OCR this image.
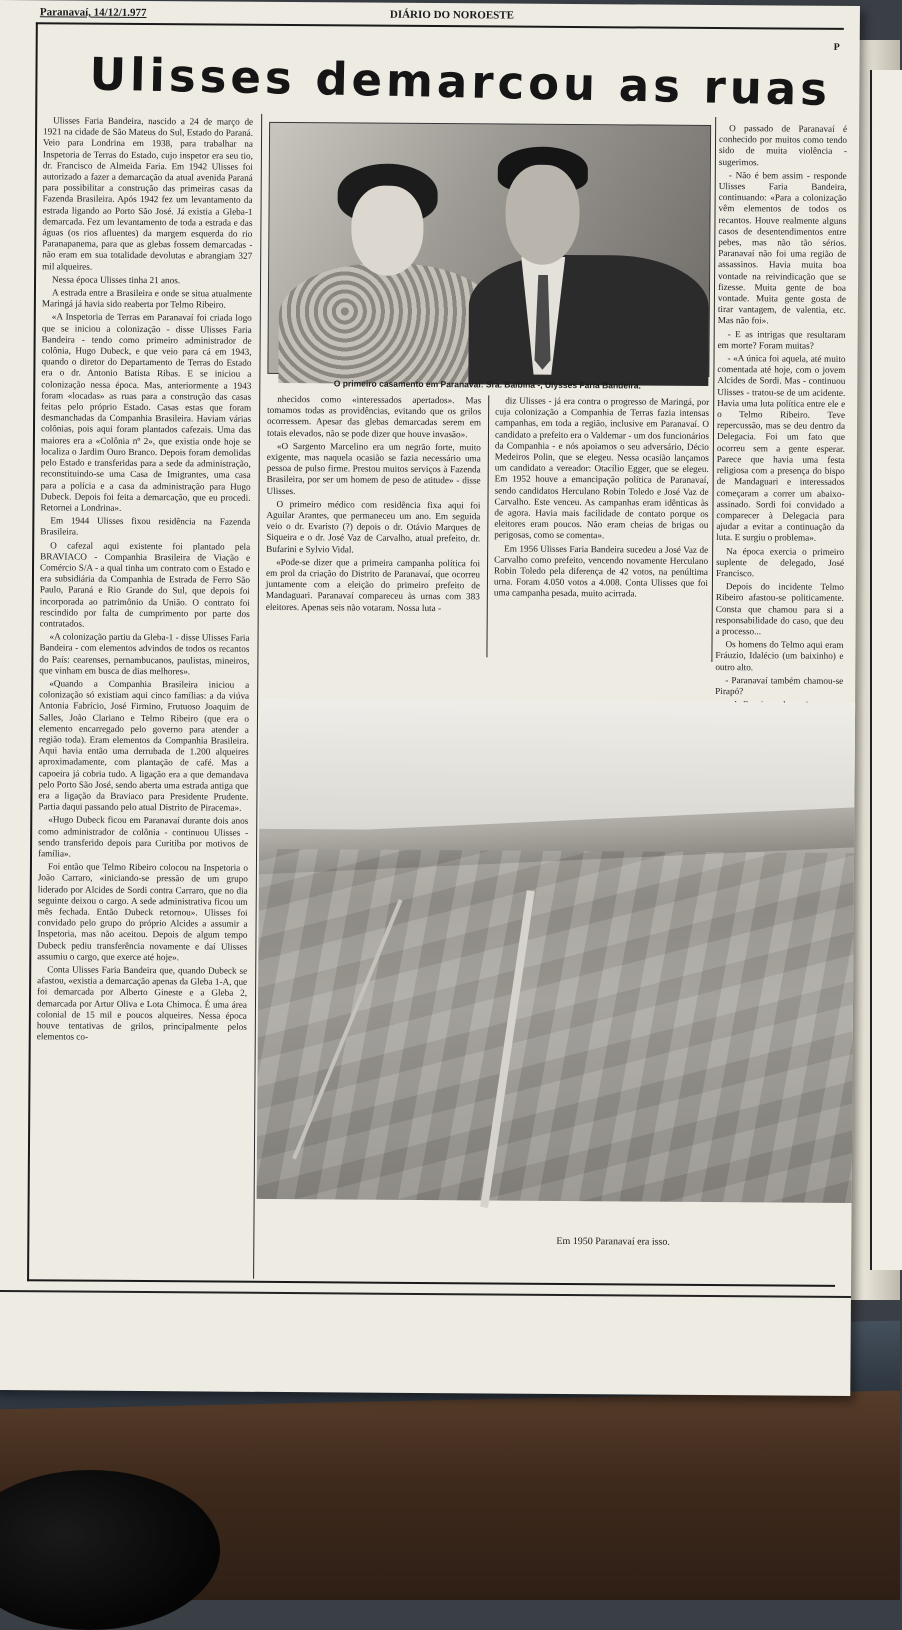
Paranavaí, 14/12/1.977	DIÁRIO DO NOROESTE
P
Ulisses demarcou as ruas

Ulisses Faria Bandeira, nascido a 24 de março de 1921 na cidade de São Mateus do Sul, Estado do Paraná. Veio para Londrina em 1938, para trabalhar na Inspetoria de Terras do Estado, cujo inspetor era seu tio, dr. Francisco de Almeida Faria. Em 1942 Ulisses foi autorizado a fazer a demarcação da atual avenida Paraná para possibilitar a construção das primeiras casas da Fazenda Brasileira. Após 1942 fez um levantamento da estrada ligando ao Porto São José. Já existia a Gleba-1 demarcada. Fez um levantamento de toda a estrada e das águas (os rios afluentes) da margem esquerda do rio Paranapanema, para que as glebas fossem demarcadas - não eram em sua totalidade devolutas e abrangiam 327 mil alqueires.

Nessa época Ulisses tinha 21 anos.

A estrada entre a Brasileira e onde se situa atualmente Maringá já havia sido reaberta por Telmo Ribeiro.

«A Inspetoria de Terras em Paranavaí foi criada logo que se iniciou a colonização - disse Ulisses Faria Bandeira - tendo como primeiro administrador de colônia, Hugo Dubeck, e que veio para cá em 1943, quando o diretor do Departamento de Terras do Estado era o dr. Antonio Batista Ribas. E se iniciou a colonização nessa época. Mas, anteriormente a 1943 foram «locadas» as ruas para a construção das casas feitas pelo próprio Estado. Casas estas que foram desmanchadas da Companhia Brasileira. Haviam várias colônias, pois aqui foram plantados cafezais. Uma das maiores era a «Colônia nº 2», que existia onde hoje se localiza o Jardim Ouro Branco. Depois foram demolidas pelo Estado e transferidas para a sede da administração, reconstituindo-se uma Casa de Imigrantes, uma casa para a polícia e a casa da administração para Hugo Dubeck. Depois foi feita a demarcação, que eu procedi. Retornei a Londrina».

Em 1944 Ulisses fixou residência na Fazenda Brasileira.

O cafezal aqui existente foi plantado pela BRAVIACO - Companhia Brasileira de Viação e Comércio S/A - a qual tinha um contrato com o Estado e era subsidiária da Companhia de Estrada de Ferro São Paulo, Paraná e Rio Grande do Sul, que depois foi incorporada ao patrimônio da União. O contrato foi rescindido por falta de cumprimento por parte dos contratados.

«A colonização partiu da Gleba-1 - disse Ulisses Faria Bandeira - com elementos advindos de todos os recantos do País: cearenses, pernambucanos, paulistas, mineiros, que vinham em busca de dias melhores».

«Quando a Companhia Brasileira iniciou a colonização só existiam aqui cinco famílias: a da viúva Antonia Fabrício, José Firmino, Frutuoso Joaquim de Salles, João Clariano e Telmo Ribeiro (que era o elemento encarregado pelo governo para atender a região toda). Eram elementos da Companhia Brasileira. Aqui havia então uma derrubada de 1.200 alqueires aproximadamente, com plantação de café. Mas a capoeira já cobria tudo. A ligação era a que demandava pelo Porto São José, sendo aberta uma estrada antiga que era a ligação da Braviaco para Presidente Prudente. Partia daqui passando pelo atual Distrito de Piracema».

«Hugo Dubeck ficou em Paranavaí durante dois anos como administrador de colônia - continuou Ulisses - sendo transferido depois para Curitiba por motivos de família».

Foi então que Telmo Ribeiro colocou na Inspetoria o João Carraro, «iniciando-se pressão de um grupo liderado por Alcides de Sordi contra Carraro, que no dia seguinte deixou o cargo. A sede administrativa ficou um mês fechada. Então Dubeck retornou». Ulisses foi convidado pelo grupo do próprio Alcides a assumir a Inspetoria, mas não aceitou. Depois de algum tempo Dubeck pediu transferência novamente e daí Ulisses assumiu o cargo, que exerce até hoje».

Conta Ulisses Faria Bandeira que, quando Dubeck se afastou, «existia a demarcação apenas da Gleba 1-A, que foi demarcada por Alberto Gineste e a Gleba 2, demarcada por Artur Oliva e Lota Chimoca. É uma área colonial de 15 mil e poucos alqueires. Nessa época houve tentativas de grilos, principalmente pelos elementos co-

O primeiro casamento em Paranavaí: Sra. Balbina -, Ulysses Faria Bandeira.

nhecidos como «interessados apertados». Mas tomamos todas as providências, evitando que os grilos ocorressem. Apesar das glebas demarcadas serem em totais elevados, não se pode dizer que houve invasão».

«O Sargento Marcelino era um negrão forte, muito exigente, mas naquela ocasião se fazia necessário uma pessoa de pulso firme. Prestou muitos serviços à Fazenda Brasileira, por ser um homem de peso de atitude» - disse Ulisses.

O primeiro médico com residência fixa aqui foi Aguilar Arantes, que permaneceu um ano. Em seguida veio o dr. Evaristo (?) depois o dr. Otávio Marques de Siqueira e o dr. José Vaz de Carvalho, atual prefeito, dr. Bufarini e Sylvio Vidal.

«Pode-se dizer que a primeira campanha política foi em prol da criação do Distrito de Paranavaí, que ocorreu juntamente com a eleição do primeiro prefeito de Mandaguari. Paranavaí compareceu às urnas com 383 eleitores. Apenas seis não votaram. Nossa luta -

diz Ulisses - já era contra o progresso de Maringá, por cuja colonização a Companhia de Terras fazia intensas campanhas, em toda a região, inclusive em Paranavaí. O candidato a prefeito era o Valdemar - um dos funcionários da Companhia - e nós apoiamos o seu adversário, Décio Medeiros Polin, que se elegeu. Nessa ocasião lançamos um candidato a vereador: Otacílio Egger, que se elegeu. Em 1952 houve a emancipação política de Paranavaí, sendo candidatos Herculano Robin Toledo e José Vaz de Carvalho. Este venceu. As campanhas eram idênticas às de agora. Havia mais facilidade de contato porque os eleitores eram poucos. Não eram cheias de brigas ou perigosas, como se comenta».

Em 1956 Ulisses Faria Bandeira sucedeu a José Vaz de Carvalho como prefeito, vencendo novamente Herculano Robin Toledo pela diferença de 42 votos, na penúltima urna. Foram 4.050 votos a 4.008. Conta Ulisses que foi uma campanha pesada, muito acirrada.

O passado de Paranavaí é conhecido por muitos como tendo sido de muita violência - sugerimos.

- Não é bem assim - responde Ulisses Faria Bandeira, continuando: «Para a colonização vêm elementos de todos os recantos. Houve realmente alguns casos de desentendimentos entre pebes, mas não tão sérios. Paranavaí não foi uma região de assassinos. Havia muita boa vontade na reivindicação que se fizesse. Muita gente de boa vontade. Muita gente gosta de tirar vantagem, de valentia, etc. Mas não foi».

- E as intrigas que resultaram em morte? Foram muitas?

- «A única foi aquela, até muito comentada até hoje, com o jovem Alcides de Sordi. Mas - continuou Ulisses - tratou-se de um acidente. Havia uma luta política entre ele e o Telmo Ribeiro. Teve repercussão, mas se deu dentro da Delegacia. Foi um fato que ocorreu sem a gente esperar. Parece que havia uma festa religiosa com a presença do bispo de Mandaguari e interessados começaram a correr um abaixo-assinado. Sordi foi convidado a comparecer à Delegacia para ajudar a evitar a continuação da luta. E surgiu o problema».

Na época exercia o primeiro suplente de delegado, José Francisco.

Depois do incidente Telmo Ribeiro afastou-se politicamente. Consta que chamou para si a responsabilidade do caso, que deu a processo...

Os homens do Telmo aqui eram Fráuzio, Idalécio (um baixinho) e outro alto.

- Paranavaí também chamou-se Pirapó?

Em 1950 Paranavaí era isso.
